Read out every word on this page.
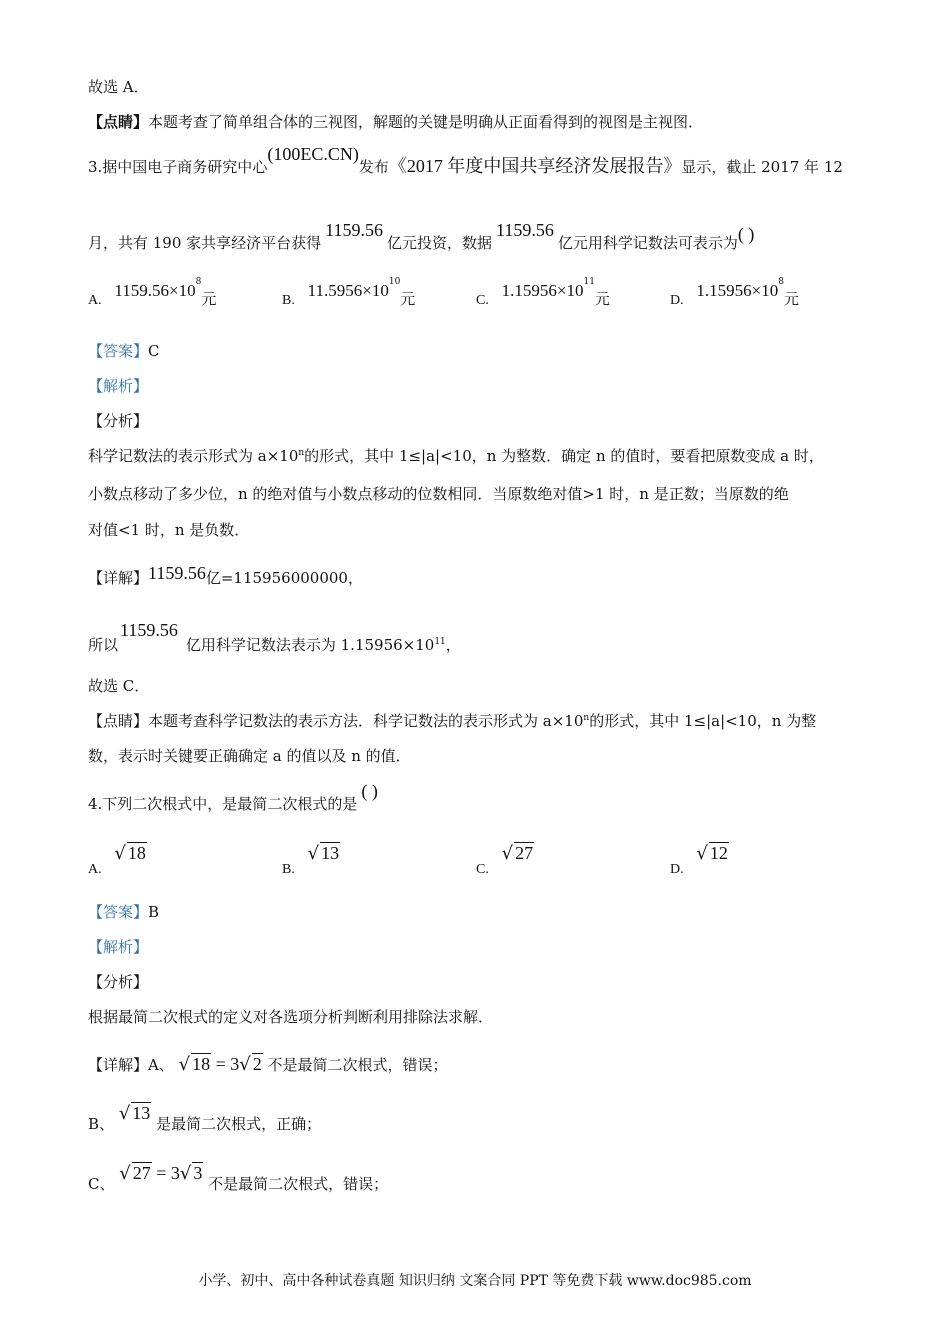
故选 A．
【点睛】本题考查了简单组合体的三视图，解题的关键是明确从正面看得到的视图是主视图．
3.据中国电子商务研究中心(100EC.CN)发布《2017 年度中国共享经济发展报告》显示，截止 2017 年 12
月，共有 190 家共享经济平台获得1159.56亿元投资，数据1159.56亿元用科学记数法可表示为( )
A. $1159.56\times 10^8$元	B. $11.5956\times 10^{10}$元	C. $1.15956\times 10^{11}$元	D. $1.15956\times 10^8$元
【答案】C
【解析】
【分析】
科学记数法的表示形式为 $a\times 10^n$的形式，其中 1≤|a|<10，n 为整数．确定 n 的值时，要看把原数变成 a 时，
小数点移动了多少位，n 的绝对值与小数点移动的位数相同．当原数绝对值>1 时，n 是正数；当原数的绝
对值<1 时，n 是负数．
【详解】1159.56亿=115956000000，
所以1159.56亿用科学记数法表示为 $1.15956\times 10^{11}$，
故选 C．
【点睛】本题考查科学记数法的表示方法．科学记数法的表示形式为 $a\times 10^n$的形式，其中 1≤|a|<10，n 为整
数，表示时关键要正确确定 a 的值以及 n 的值．
4.下列二次根式中，是最简二次根式的是( )
A. √ 18
B. √ 13
C. √ 27
D. √ 12
【答案】B
【解析】
【分析】
根据最简二次根式的定义对各选项分析判断利用排除法求解．
【详解】A、 √ 18 = 3√ 2 不是最简二次根式，错误；
B、 √ 13 是最简二次根式，正确；
C、 √ 27 = 3√ 3 不是最简二次根式，错误；
小学、初中、高中各种试卷真题 知识归纳 文案合同 PPT 等免费下载 www.doc985.com
